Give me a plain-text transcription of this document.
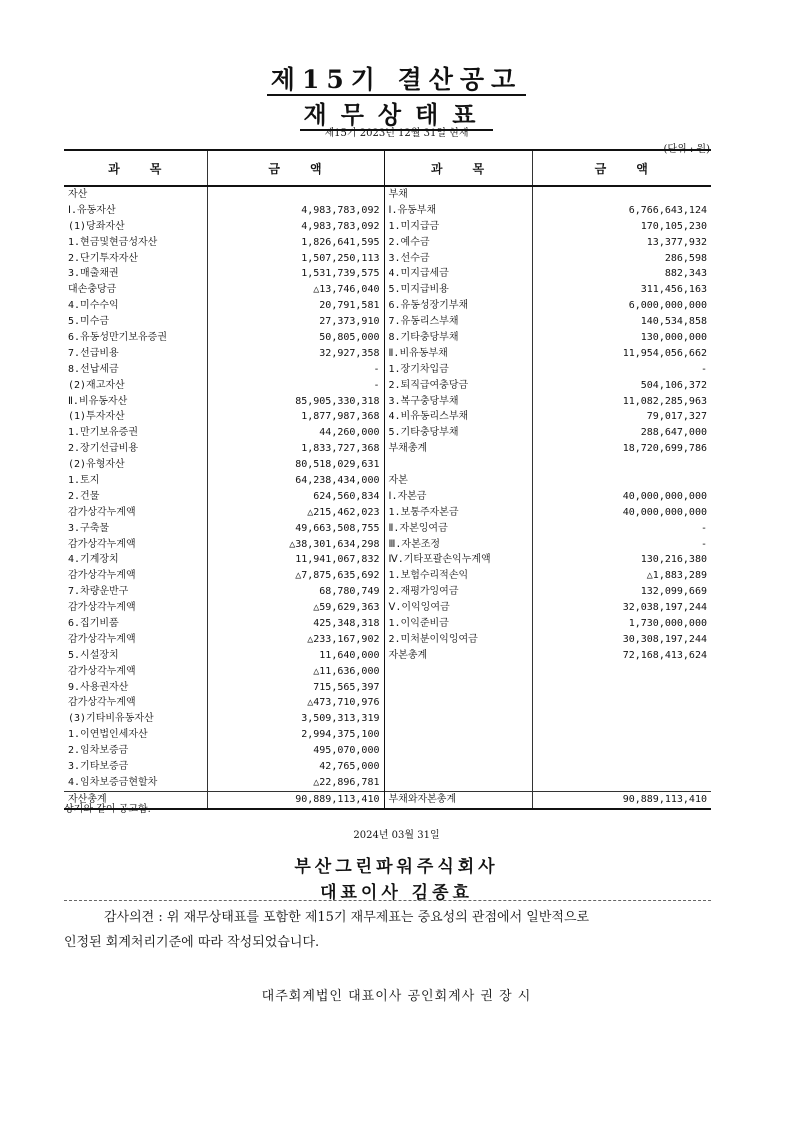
제15기 결산공고
재무상태표
제15기 2023년 12월 31일 현재
(단위 : 원)
과목	금액	과목	금액
자산		부채	
Ⅰ.유동자산	4,983,783,092	Ⅰ.유동부채	6,766,643,124
(1)당좌자산	4,983,783,092	1.미지급금	170,105,230
1.현금및현금성자산	1,826,641,595	2.예수금	13,377,932
2.단기투자자산	1,507,250,113	3.선수금	286,598
3.매출채권	1,531,739,575	4.미지급세금	882,343
대손충당금	△13,746,040	5.미지급비용	311,456,163
4.미수수익	20,791,581	6.유동성장기부채	6,000,000,000
5.미수금	27,373,910	7.유동리스부채	140,534,858
6.유동성만기보유증권	50,805,000	8.기타충당부채	130,000,000
7.선급비용	32,927,358	Ⅱ.비유동부채	11,954,056,662
8.선납세금	-	1.장기차입금	-
(2)재고자산	-	2.퇴직급여충당금	504,106,372
Ⅱ.비유동자산	85,905,330,318	3.복구충당부채	11,082,285,963
(1)투자자산	1,877,987,368	4.비유동리스부채	79,017,327
1.만기보유증권	44,260,000	5.기타충당부채	288,647,000
2.장기선급비용	1,833,727,368	부채총계	18,720,699,786
(2)유형자산	80,518,029,631		
1.토지	64,238,434,000	자본	
2.건물	624,560,834	Ⅰ.자본금	40,000,000,000
감가상각누계액	△215,462,023	1.보통주자본금	40,000,000,000
3.구축물	49,663,508,755	Ⅱ.자본잉여금	-
감가상각누계액	△38,301,634,298	Ⅲ.자본조정	-
4.기계장치	11,941,067,832	Ⅳ.기타포괄손익누계액	130,216,380
감가상각누계액	△7,875,635,692	1.보험수리적손익	△1,883,289
7.차량운반구	68,780,749	2.재평가잉여금	132,099,669
감가상각누계액	△59,629,363	Ⅴ.이익잉여금	32,038,197,244
6.집기비품	425,348,318	1.이익준비금	1,730,000,000
감가상각누계액	△233,167,902	2.미처분이익잉여금	30,308,197,244
5.시설장치	11,640,000	자본총계	72,168,413,624
감가상각누계액	△11,636,000		
9.사용권자산	715,565,397		
감가상각누계액	△473,710,976		
(3)기타비유동자산	3,509,313,319		
1.이연법인세자산	2,994,375,100		
2.임차보증금	495,070,000		
3.기타보증금	42,765,000		
4.임차보증금현할차	△22,896,781		
자산총계	90,889,113,410	부채와자본총계	90,889,113,410
상기와 같이 공고함.
2024년 03월 31일
부산그린파워주식회사
대표이사 김종효
감사의견 : 위 재무상태표를 포함한 제15기 재무제표는 중요성의 관점에서 일반적으로
인정된 회계처리기준에 따라 작성되었습니다.
대주회계법인 대표이사 공인회계사 권 장 시
